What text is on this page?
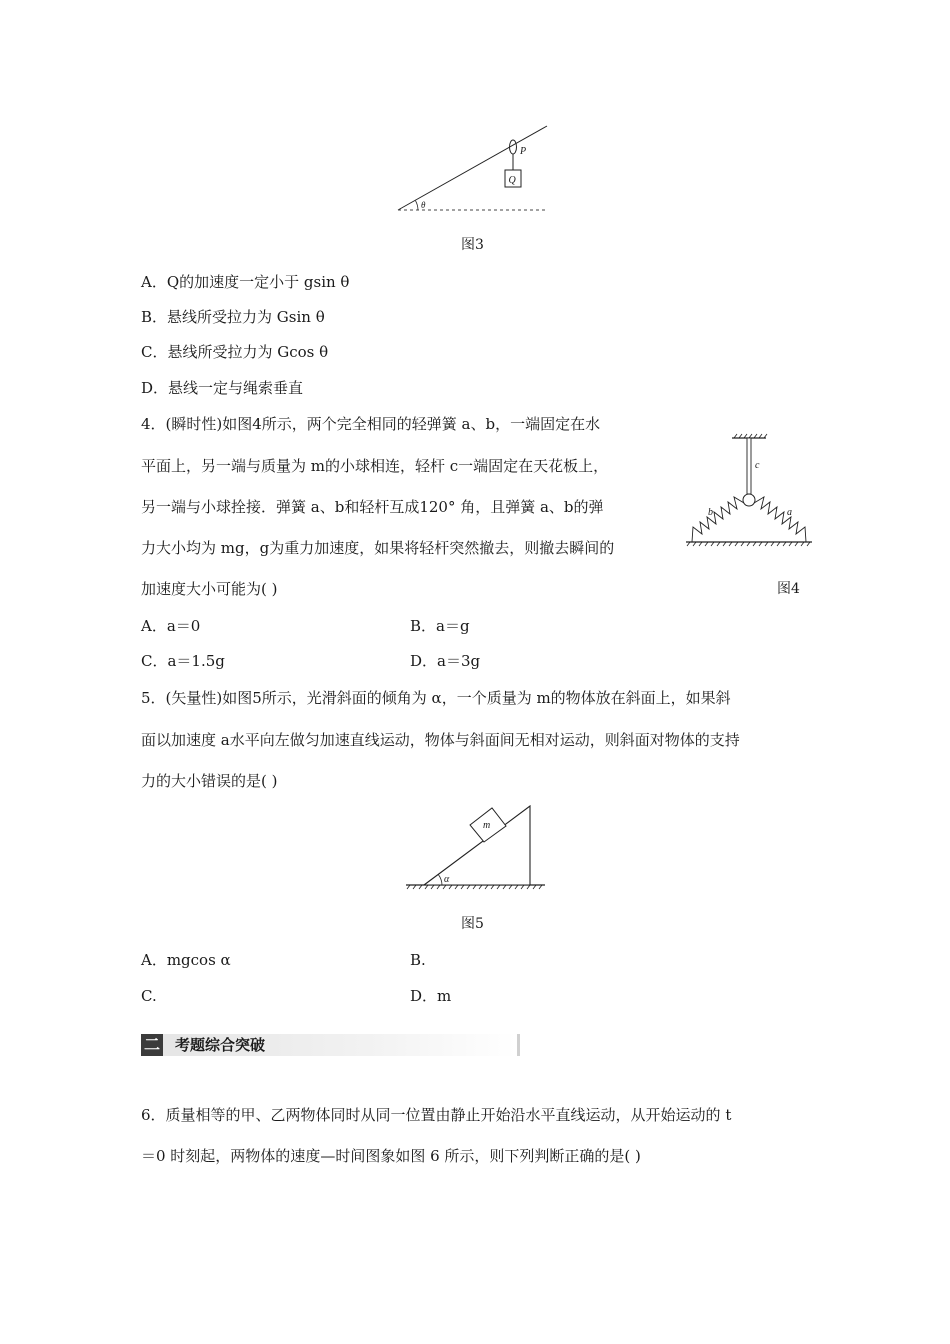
P
Q
θ
图3
A．Q的加速度一定小于 gsin θ
B．悬线所受拉力为 Gsin θ
C．悬线所受拉力为 Gcos θ
D．悬线一定与绳索垂直
4．(瞬时性)如图4所示，两个完全相同的轻弹簧 a、b，一端固定在水
平面上，另一端与质量为 m的小球相连，轻杆 c一端固定在天花板上，
另一端与小球拴接．弹簧 a、b和轻杆互成120° 角，且弹簧 a、b的弹
力大小均为 mg，g为重力加速度，如果将轻杆突然撤去，则撤去瞬间的
加速度大小可能为( )
c
b	a
图4
A．a＝0	B．a＝g
C．a＝1.5g	D．a＝3g
5．(矢量性)如图5所示，光滑斜面的倾角为 α，一个质量为 m的物体放在斜面上，如果斜
面以加速度 a水平向左做匀加速直线运动，物体与斜面间无相对运动，则斜面对物体的支持
力的大小错误的是( )
m
α
图5
A．mgcos α	B.
C.	D．m
二 考题综合突破
6．质量相等的甲、乙两物体同时从同一位置由静止开始沿水平直线运动，从开始运动的 t
＝0 时刻起，两物体的速度—时间图象如图 6 所示，则下列判断正确的是( )
